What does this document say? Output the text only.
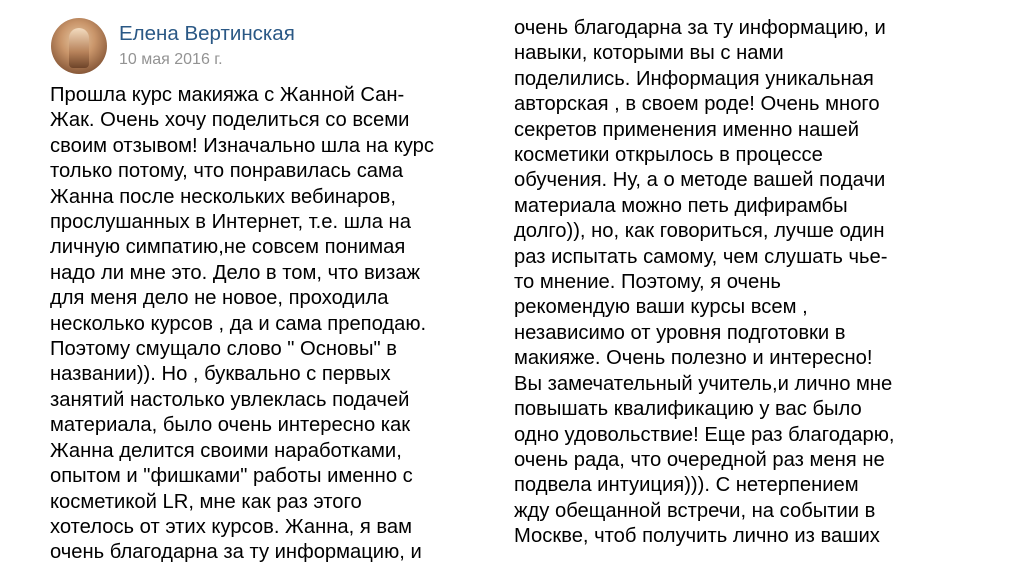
Елена Вертинская
10 мая 2016 г.
Прошла курс макияжа с Жанной Сан-
Жак. Очень хочу поделиться со всеми
своим отзывом! Изначально шла на курс
только потому, что понравилась сама
Жанна после нескольких вебинаров,
прослушанных в Интернет, т.е. шла на
личную симпатию,не совсем понимая
надо ли мне это. Дело в том, что визаж
для меня дело не новое, проходила
несколько курсов , да и сама преподаю.
Поэтому смущало слово " Основы" в
названии)). Но , буквально с первых
занятий настолько увлеклась подачей
материала, было очень интересно как
Жанна делится своими наработками,
опытом и "фишками" работы именно с
косметикой LR, мне как раз этого
хотелось от этих курсов. Жанна, я вам
очень благодарна за ту информацию, и
очень благодарна за ту информацию, и
навыки, которыми вы с нами
поделились. Информация уникальная
авторская , в своем роде! Очень много
секретов применения именно нашей
косметики открылось в процессе
обучения. Ну, а о методе вашей подачи
материала можно петь дифирамбы
долго)), но, как говориться, лучше один
раз испытать самому, чем слушать чье-
то мнение. Поэтому, я очень
рекомендую ваши курсы всем ,
независимо от уровня подготовки в
макияже. Очень полезно и интересно!
Вы замечательный учитель,и лично мне
повышать квалификацию у вас было
одно удовольствие! Еще раз благодарю,
очень рада, что очередной раз меня не
подвела интуиция))). С нетерпением
жду обещанной встречи, на событии в
Москве, чтоб получить лично из ваших
